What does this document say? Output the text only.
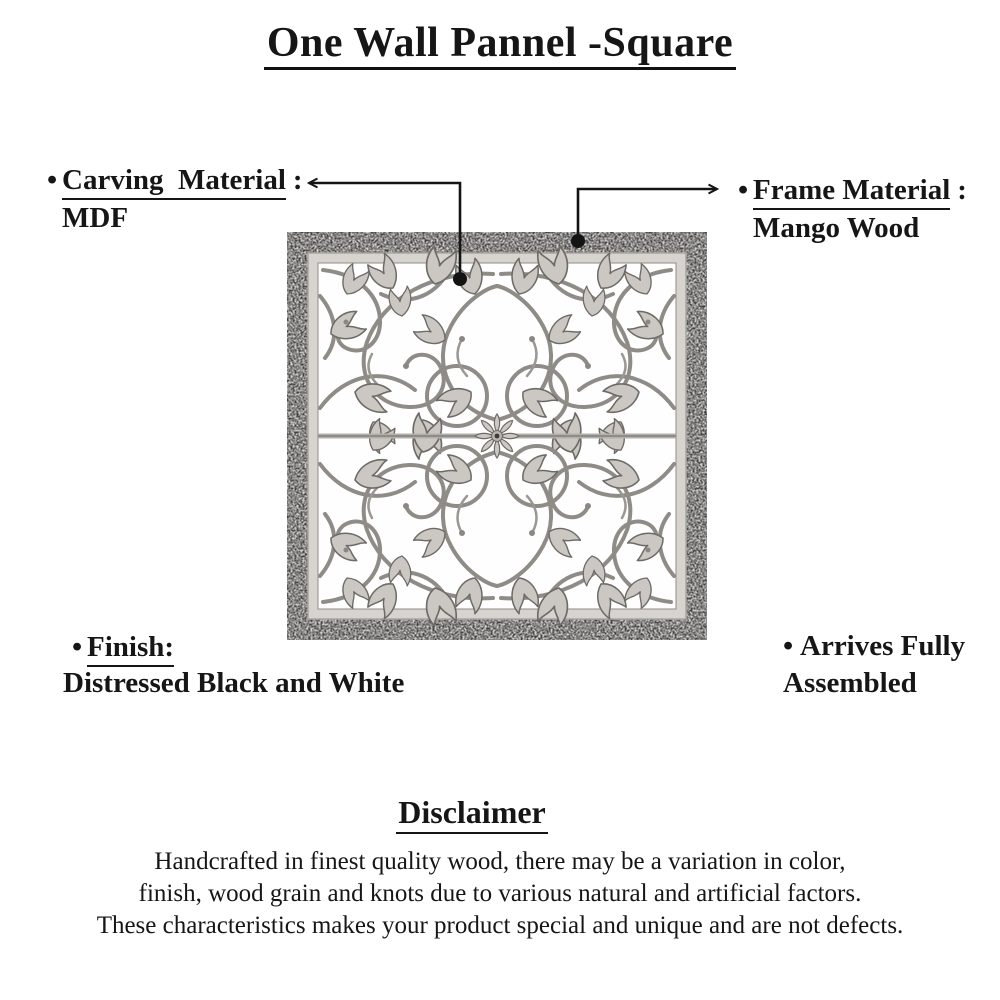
One Wall Pannel -Square
• Carving  Material :
MDF
• Frame Material :
Mango Wood
• Finish:
Distressed Black and White
• Arrives Fully
Assembled
Disclaimer
Handcrafted in finest quality wood, there may be a variation in color,
finish, wood grain and knots due to various natural and artificial factors.
These characteristics makes your product special and unique and are not defects.
